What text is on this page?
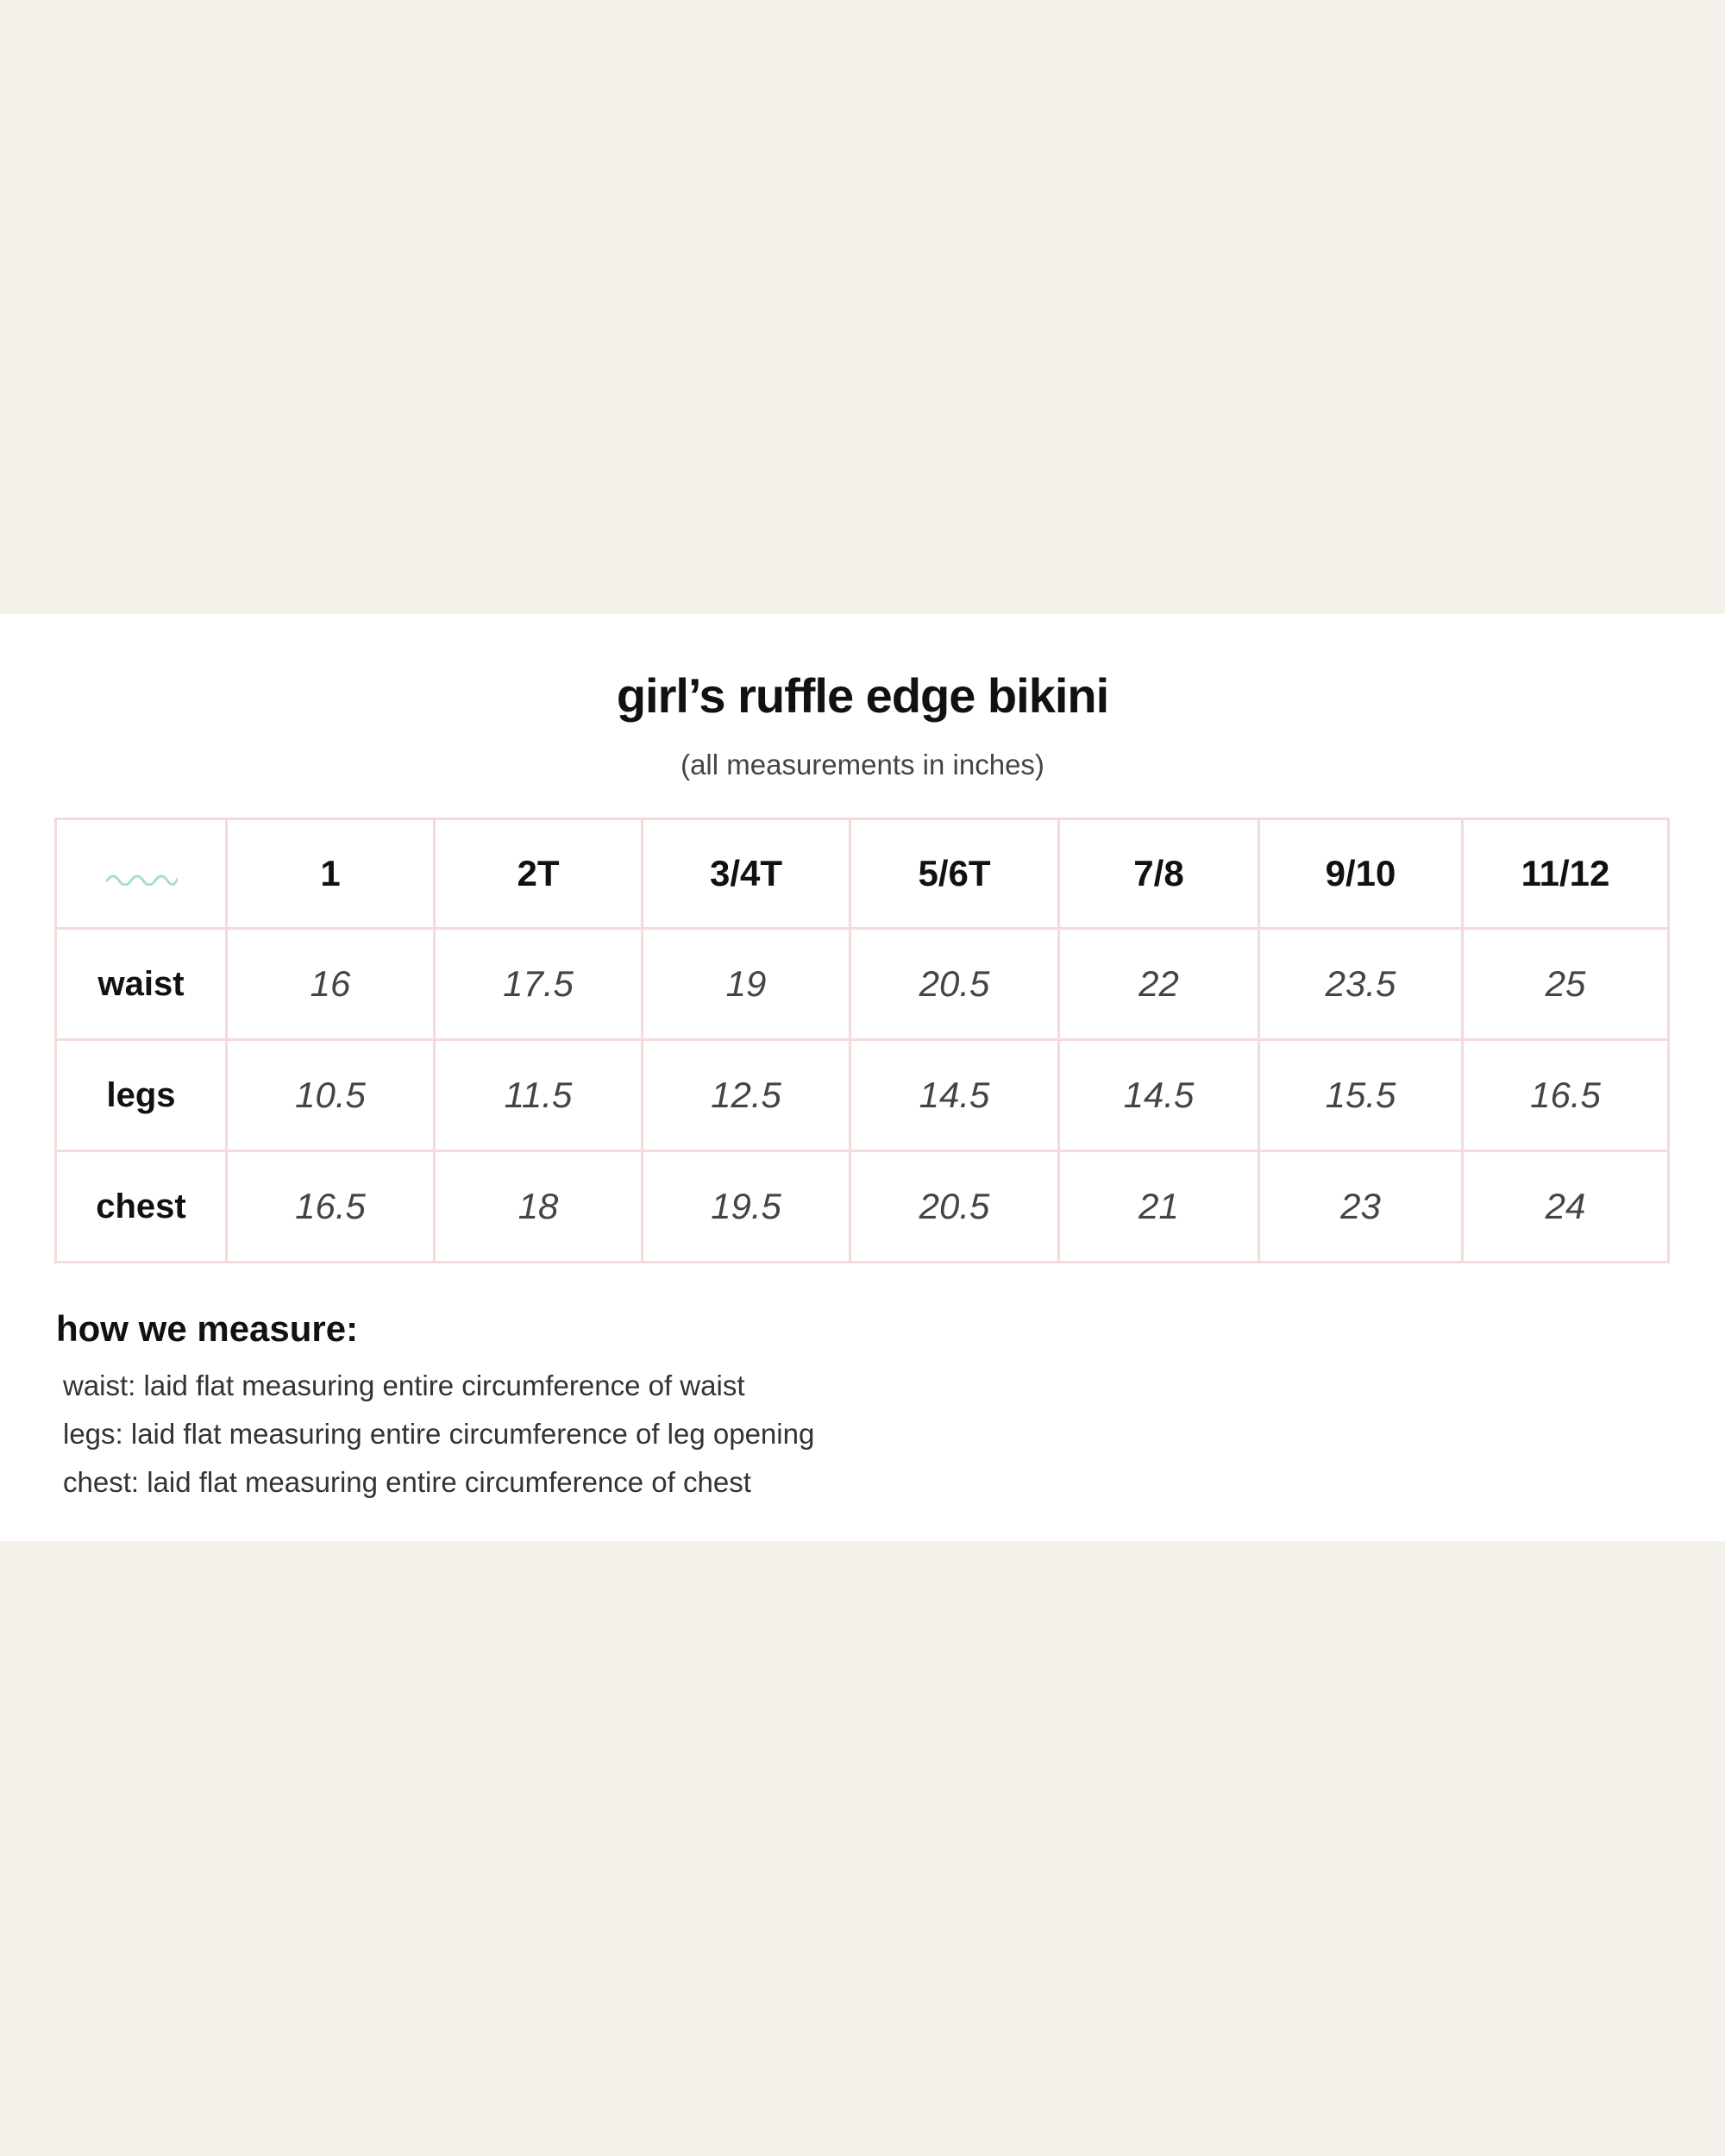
girl’s ruffle edge bikini
(all measurements in inches)
	1	2T	3/4T	5/6T	7/8	9/10	11/12
waist	16	17.5	19	20.5	22	23.5	25
legs	10.5	11.5	12.5	14.5	14.5	15.5	16.5
chest	16.5	18	19.5	20.5	21	23	24
how we measure:
waist: laid flat measuring entire circumference of waist
legs: laid flat measuring entire circumference of leg opening
chest: laid flat measuring entire circumference of chest
